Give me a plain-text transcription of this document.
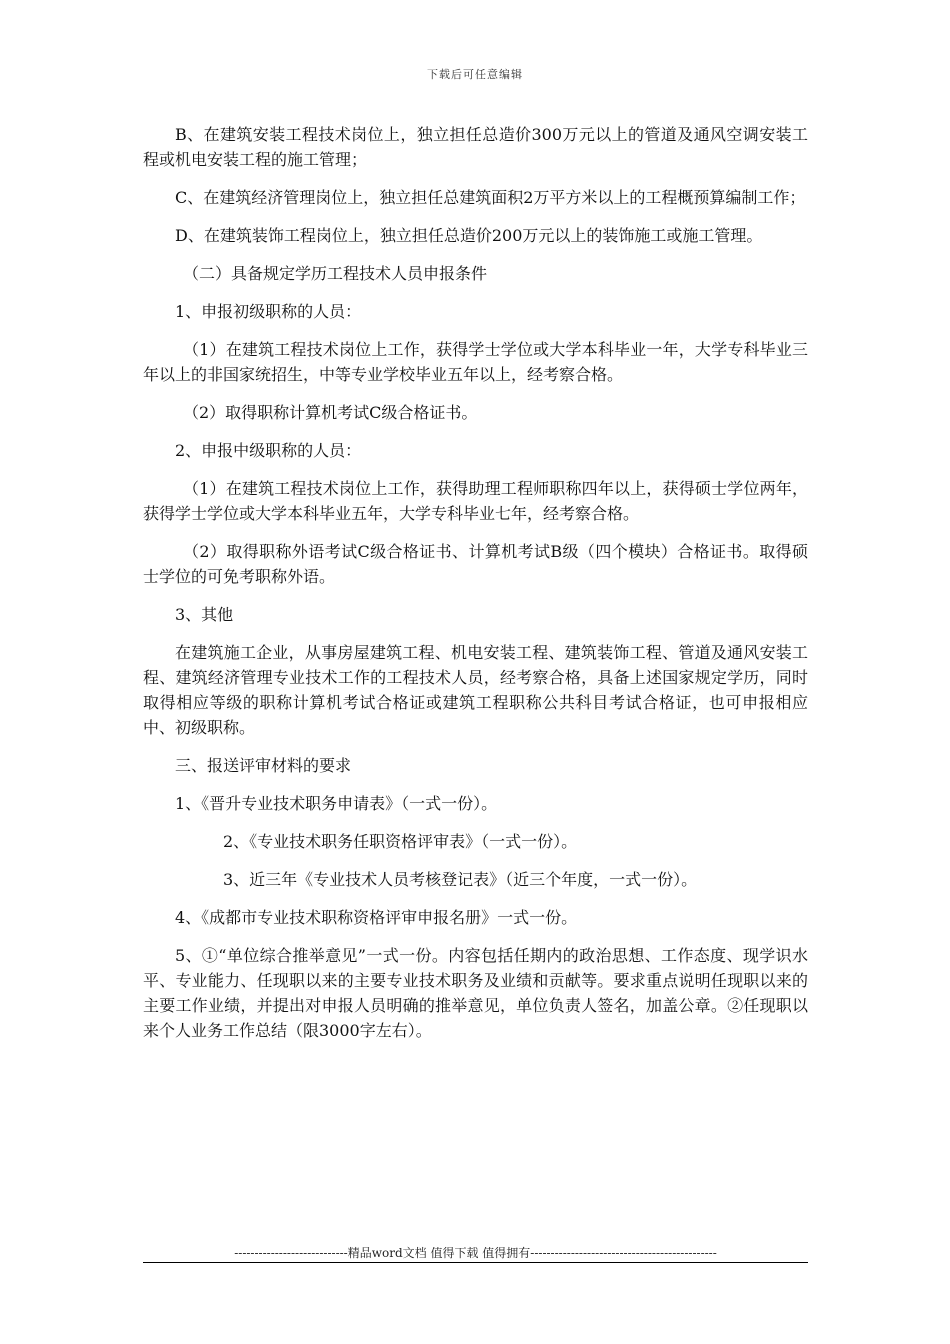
下载后可任意编辑

B、在建筑安装工程技术岗位上，独立担任总造价300万元以上的管道及通风空调安装工程或机电安装工程的施工管理；

C、在建筑经济管理岗位上，独立担任总建筑面积2万平方米以上的工程概预算编制工作；

D、在建筑装饰工程岗位上，独立担任总造价200万元以上的装饰施工或施工管理。

（二）具备规定学历工程技术人员申报条件

1、申报初级职称的人员：

（1）在建筑工程技术岗位上工作，获得学士学位或大学本科毕业一年，大学专科毕业三年以上的非国家统招生，中等专业学校毕业五年以上，经考察合格。

（2）取得职称计算机考试C级合格证书。

2、申报中级职称的人员：

（1）在建筑工程技术岗位上工作，获得助理工程师职称四年以上，获得硕士学位两年，获得学士学位或大学本科毕业五年，大学专科毕业七年，经考察合格。

（2）取得职称外语考试C级合格证书、计算机考试B级（四个模块）合格证书。取得硕士学位的可免考职称外语。

3、其他

在建筑施工企业，从事房屋建筑工程、机电安装工程、建筑装饰工程、管道及通风安装工程、建筑经济管理专业技术工作的工程技术人员，经考察合格，具备上述国家规定学历，同时取得相应等级的职称计算机考试合格证或建筑工程职称公共科目考试合格证，也可申报相应中、初级职称。

三、报送评审材料的要求

1、《晋升专业技术职务申请表》（一式一份）。

2、《专业技术职务任职资格评审表》（一式一份）。

3、近三年《专业技术人员考核登记表》（近三个年度，一式一份）。

4、《成都市专业技术职称资格评审申报名册》一式一份。

5、①“单位综合推举意见”一式一份。内容包括任期内的政治思想、工作态度、现学识水平、专业能力、任现职以来的主要专业技术职务及业绩和贡献等。要求重点说明任现职以来的主要工作业绩，并提出对申报人员明确的推举意见，单位负责人签名，加盖公章。②任现职以来个人业务工作总结（限3000字左右）。

----------------------------精品word文档 值得下载 值得拥有----------------------------------------------
